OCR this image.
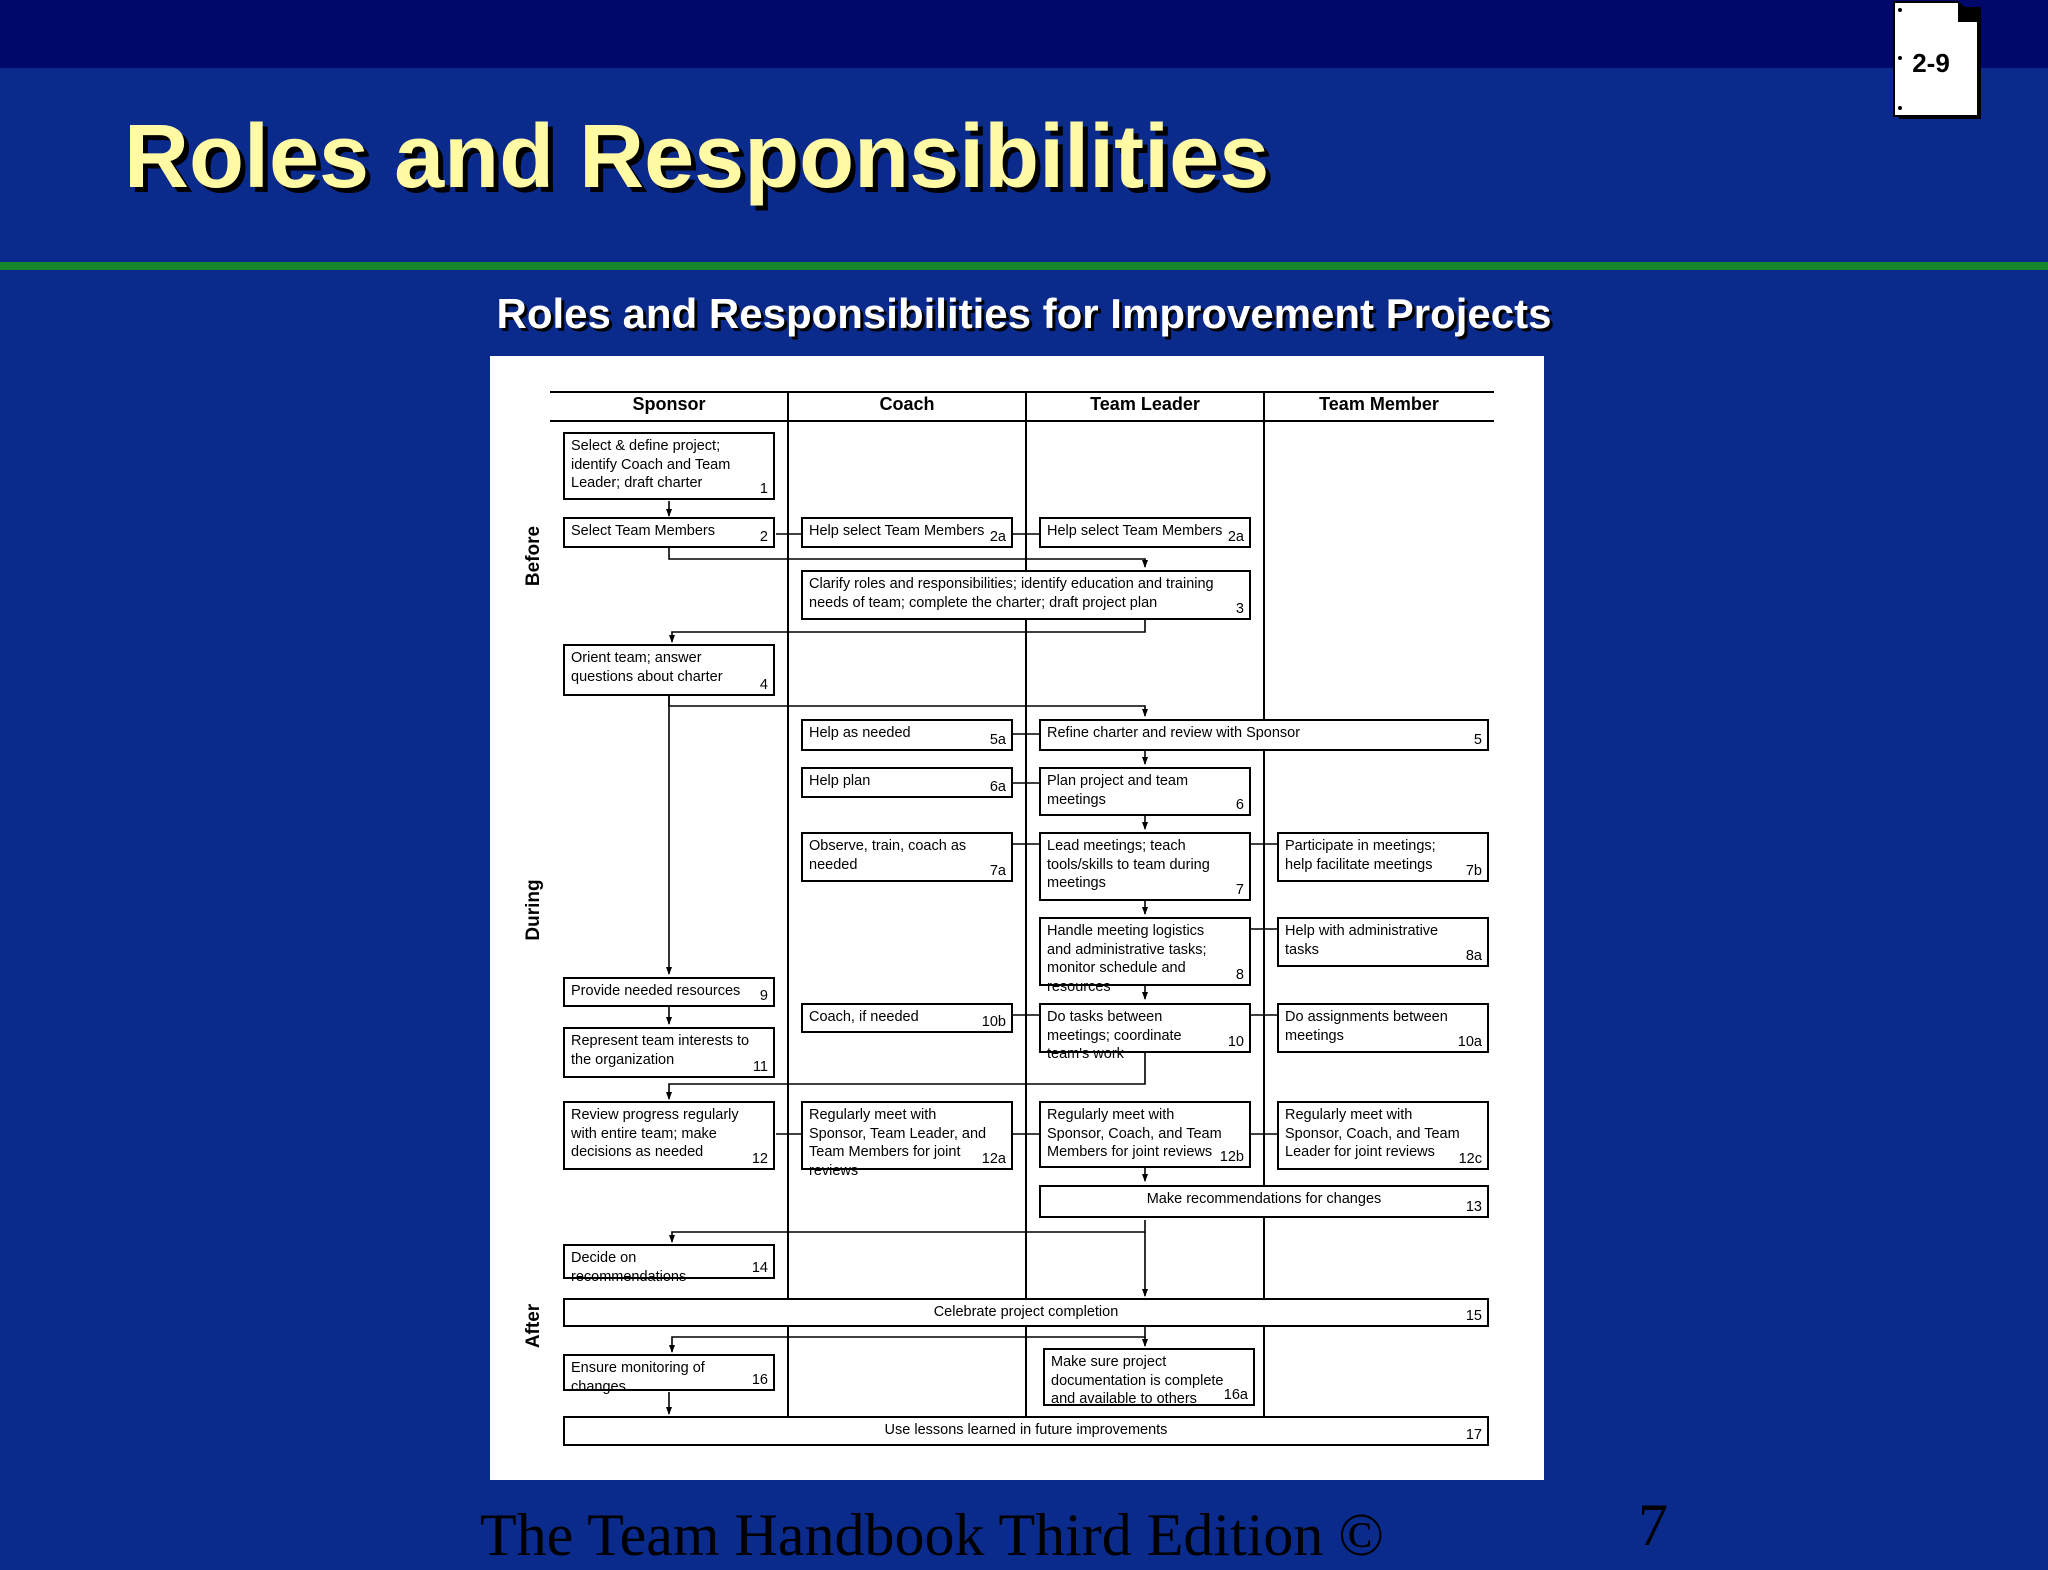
Roles and Responsibilities
2-9
Roles and Responsibilities for Improvement Projects
Sponsor	Coach	Team Leader	Team Member
Before
During
After
Select & define project; identify Coach and Team Leader; draft charter	1
Select Team Members	2	Help select Team Members 2a	Help select Team Members 2a
Clarify roles and responsibilities; identify education and training needs of team; complete the charter; draft project plan	3
Orient team; answer questions about charter
4
Help as needed	5a	Refine charter and review with Sponsor	5
Help plan	6a	Plan project and team meetings	6
Observe, train, coach as needed	7a
Lead meetings; teach tools/skills to team during meetings	7
Participate in meetings; help facilitate meetings 7b
Handle meeting logistics and administrative tasks; monitor schedule and resources
8
Help with administrative tasks	8a
Provide needed resources 9
Coach, if needed	10b	Do tasks between meetings; coordinate team's work
10
Do assignments between meetings	10a
Represent team interests to the organization	11
Review progress regularly with entire team; make decisions as needed	12
Regularly meet with Sponsor, Team Leader, and Team Members for joint reviews
12a
Regularly meet with Sponsor, Coach, and Team Members for joint reviews 12b
Regularly meet with Sponsor, Coach, and Team Leader for joint reviews 12c
Make recommendations for changes	13
Decide on recommendations
14
Celebrate project completion	15
Ensure monitoring of changes	16
Make sure project documentation is complete and available to others 16a
Use lessons learned in future improvements	17
The Team Handbook Third Edition ©	7
